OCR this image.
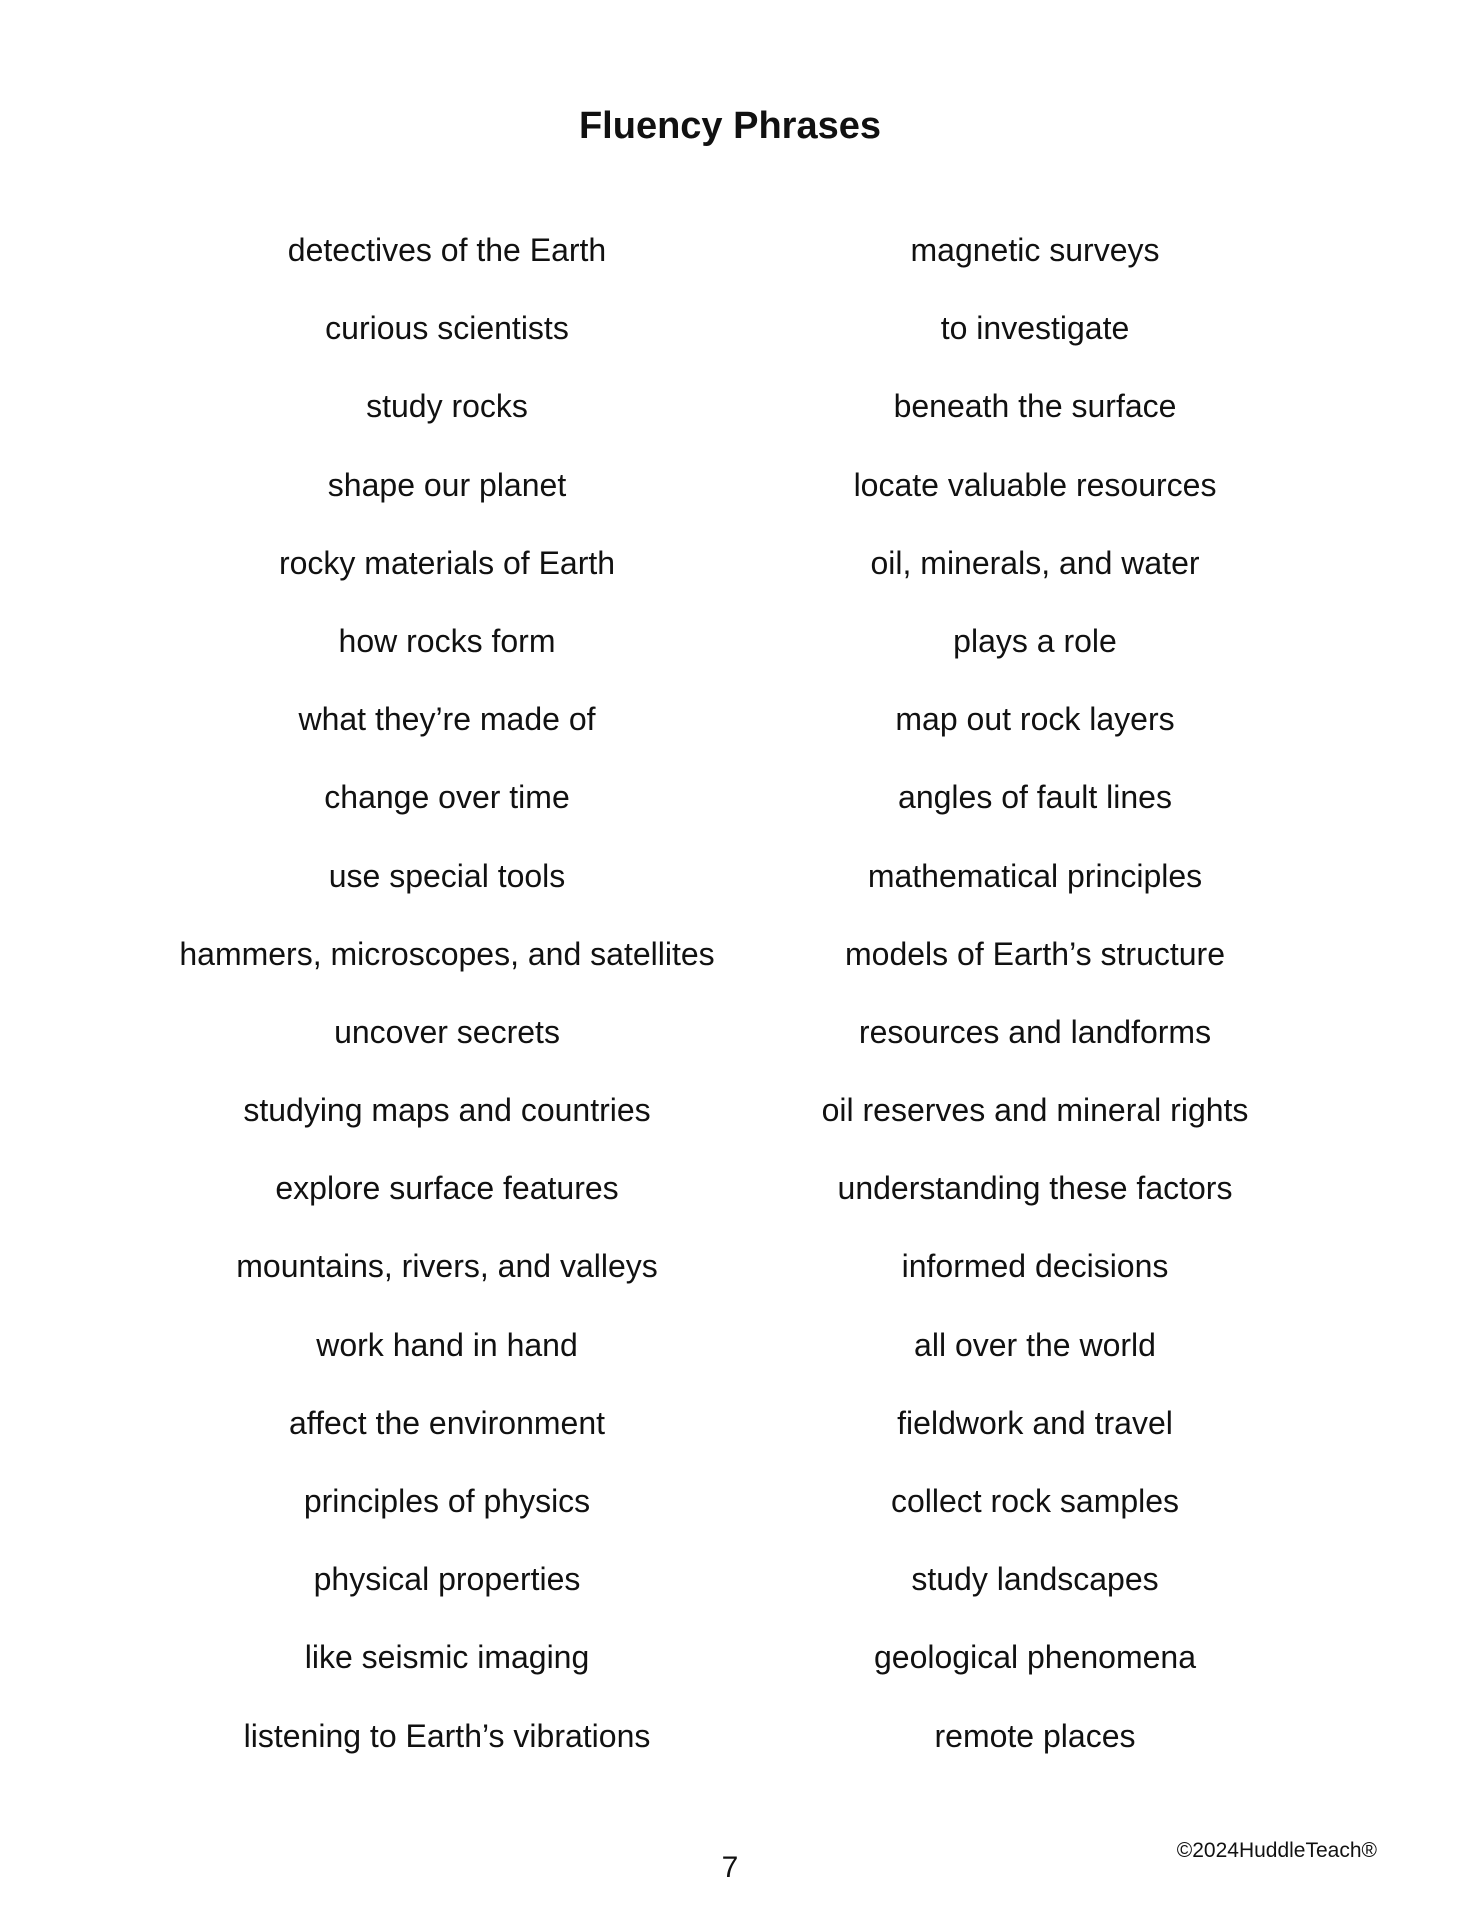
Fluency Phrases
detectives of the Earth
curious scientists
study rocks
shape our planet
rocky materials of Earth
how rocks form
what they’re made of
change over time
use special tools
hammers, microscopes, and satellites
uncover secrets
studying maps and countries
explore surface features
mountains, rivers, and valleys
work hand in hand
affect the environment
principles of physics
physical properties
like seismic imaging
listening to Earth’s vibrations
magnetic surveys
to investigate
beneath the surface
locate valuable resources
oil, minerals, and water
plays a role
map out rock layers
angles of fault lines
mathematical principles
models of Earth’s structure
resources and landforms
oil reserves and mineral rights
understanding these factors
informed decisions
all over the world
fieldwork and travel
collect rock samples
study landscapes
geological phenomena
remote places
7
©2024HuddleTeach®
